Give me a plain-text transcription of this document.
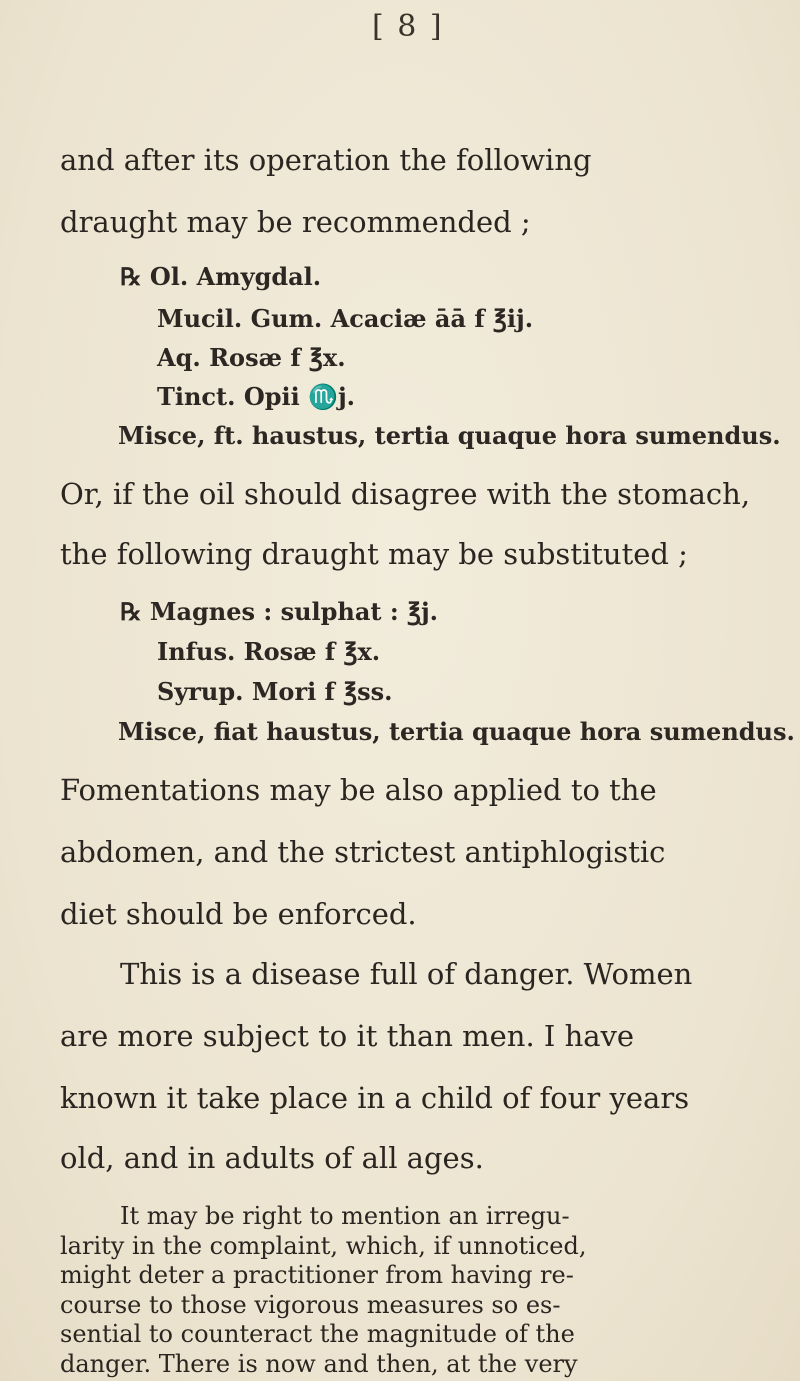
[ 8 ]
and after its operation the following
draught may be recommended ;
℞ Ol. Amygdal.
Mucil. Gum. Acaciæ āā f ℥ij.
Aq. Rosæ f ℥x.
Tinct. Opii ♏j.
Misce, ft. haustus, tertia quaque hora sumendus.
Or, if the oil should disagree with the stomach,
the following draught may be substituted ;
℞ Magnes : sulphat : ℥j.
Infus. Rosæ f ℥x.
Syrup. Mori f ℥ss.
Misce, fiat haustus, tertia quaque hora sumendus.
Fomentations may be also applied to the
abdomen, and the strictest antiphlogistic
diet should be enforced.
This is a disease full of danger. Women
are more subject to it than men. I have
known it take place in a child of four years
old, and in adults of all ages.
It may be right to mention an irregu-
larity in the complaint, which, if unnoticed,
might deter a practitioner from having re-
course to those vigorous measures so es-
sential to counteract the magnitude of the
danger. There is now and then, at the very
